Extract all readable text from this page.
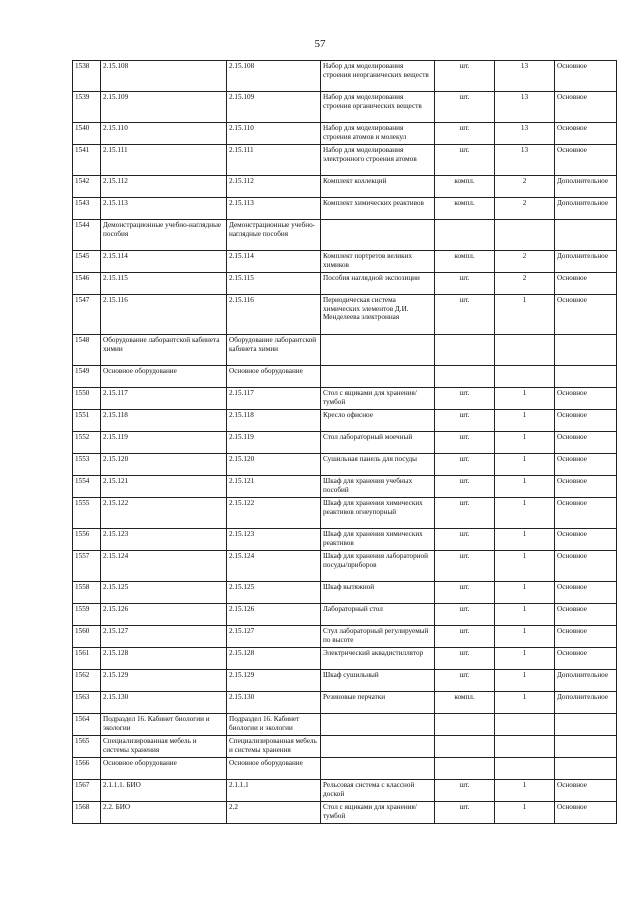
57
1538	2.15.108	2.15.108	Набор для моделирования строения неорганических веществ	шт.	13	Основное
1539	2.15.109	2.15.109	Набор для моделирования строения органических веществ	шт.	13	Основное
1540	2.15.110	2.15.110	Набор для моделирования строения атомов и молекул	шт.	13	Основное
1541	2.15.111	2.15.111	Набор для моделирования электронного строения атомов	шт.	13	Основное
1542	2.15.112	2.15.112	Комплект коллекций	компл.	2	Дополнительное
1543	2.15.113	2.15.113	Комплект химических реактивов	компл.	2	Дополнительное
1544	Демонстрационные учебно-наглядные пособия	Демонстрационные учебно-наглядные пособия				
1545	2.15.114	2.15.114	Комплект портретов великих химиков	компл.	2	Дополнительное
1546	2.15.115	2.15.115	Пособия наглядной экспозиции	шт.	2	Основное
1547	2.15.116	2.15.116	Периодическая система химических элементов Д.И. Менделеева электронная	шт.	1	Основное
1548	Оборудование лаборантской кабинета химии	Оборудование лаборантской кабинета химии				
1549	Основное оборудование	Основное оборудование				
1550	2.15.117	2.15.117	Стол с ящиками для хранения/тумбой	шт.	1	Основное
1551	2.15.118	2.15.118	Кресло офисное	шт.	1	Основное
1552	2.15.119	2.15.119	Стол лабораторный моечный	шт.	1	Основное
1553	2.15.120	2.15.120	Сушильная панель для посуды	шт.	1	Основное
1554	2.15.121	2.15.121	Шкаф для хранения учебных пособий	шт.	1	Основное
1555	2.15.122	2.15.122	Шкаф для хранения химических реактивов огнеупорный	шт.	1	Основное
1556	2.15.123	2.15.123	Шкаф для хранения химических реактивов	шт.	1	Основное
1557	2.15.124	2.15.124	Шкаф для хранения лабораторной посуды/приборов	шт.	1	Основное
1558	2.15.125	2.15.125	Шкаф вытяжной	шт.	1	Основное
1559	2.15.126	2.15.126	Лабораторный стол	шт.	1	Основное
1560	2.15.127	2.15.127	Стул лабораторный регулируемый по высоте	шт.	1	Основное
1561	2.15.128	2.15.128	Электрический аквадистиллятор	шт.	1	Основное
1562	2.15.129	2.15.129	Шкаф сушильный	шт.	1	Дополнительное
1563	2.15.130	2.15.130	Резиновые перчатки	компл.	1	Дополнительное
1564	Подраздел 16. Кабинет биологии и экологии	Подраздел 16. Кабинет биологии и экологии				
1565	Специализированная мебель и системы хранения	Специализированная мебель и системы хранения				
1566	Основное оборудование	Основное оборудование				
1567	2.1.1.1. БИО	2.1.1.1	Рельсовая система с классной доской	шт.	1	Основное
1568	2.2. БИО	2.2	Стол с ящиками для хранения/тумбой	шт.	1	Основное
